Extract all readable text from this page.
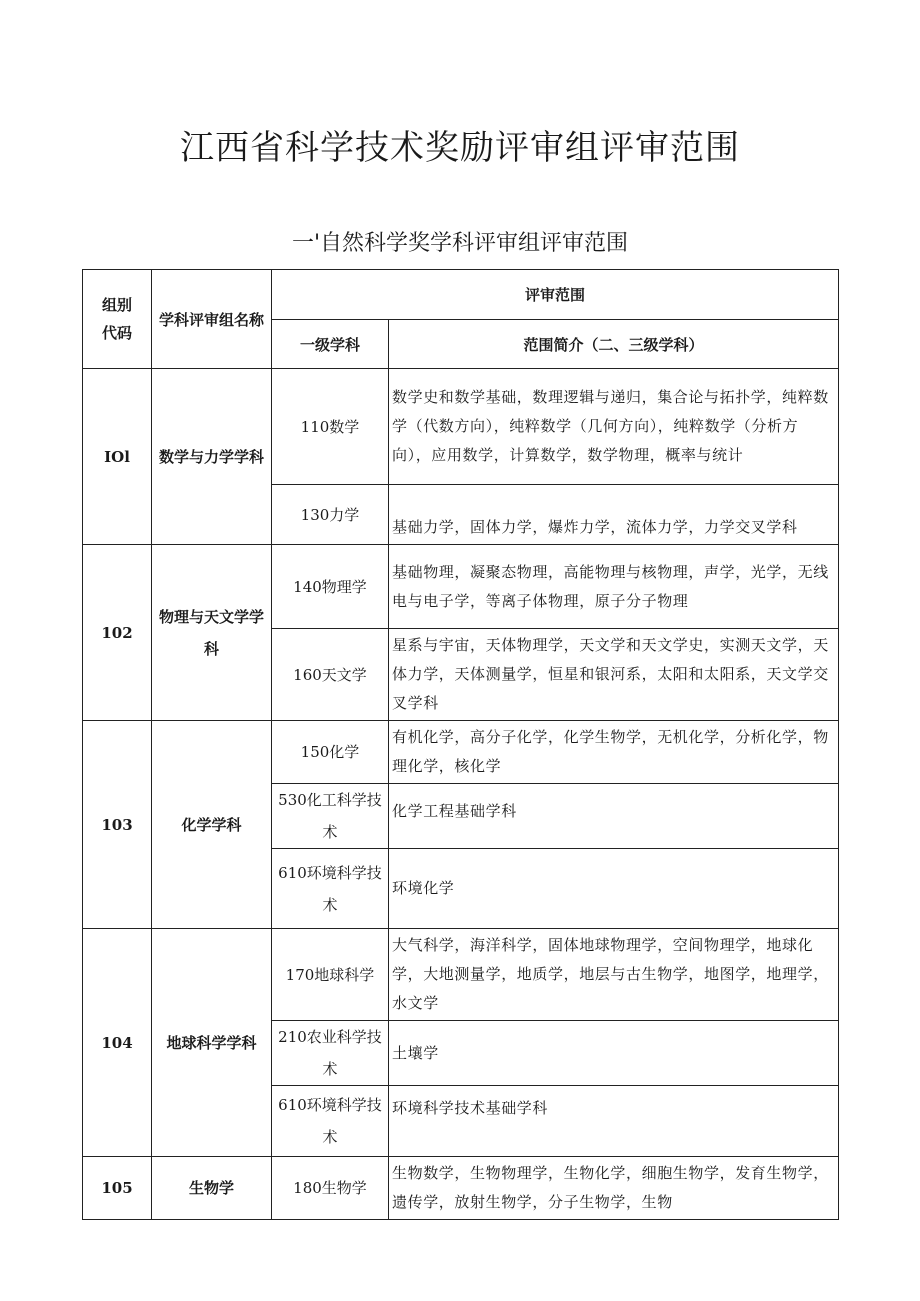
江西省科学技术奖励评审组评审范围
一'自然科学奖学科评审组评审范围
组别代码	学科评审组名称	评审范围	
		一级学科	范围简介（二、三级学科）
IOl	数学与力学学科	110数学	数学史和数学基础，数理逻辑与递归，集合论与拓扑学，纯粹数学（代数方向），纯粹数学（几何方向），纯粹数学（分析方向），应用数学，计算数学，数学物理，概率与统计
		130力学	基础力学，固体力学，爆炸力学，流体力学，力学交叉学科
102	物理与天文学学科	140物理学	基础物理，凝聚态物理，高能物理与核物理，声学，光学，无线电与电子学，等离子体物理，原子分子物理
		160天文学	星系与宇宙，天体物理学，天文学和天文学史，实测天文学，天体力学，天体测量学，恒星和银河系，太阳和太阳系，天文学交叉学科
103	化学学科	150化学	有机化学，高分子化学，化学生物学，无机化学，分析化学，物理化学，核化学
		530化工科学技术	化学工程基础学科
		610环境科学技术	环境化学
104	地球科学学科	170地球科学	大气科学，海洋科学，固体地球物理学，空间物理学，地球化学，大地测量学，地质学，地层与古生物学，地图学，地理学，水文学
		210农业科学技术	土壤学
		610环境科学技术	环境科学技术基础学科
105	生物学	180生物学	生物数学，生物物理学，生物化学，细胞生物学，发育生物学，遗传学，放射生物学，分子生物学，生物
